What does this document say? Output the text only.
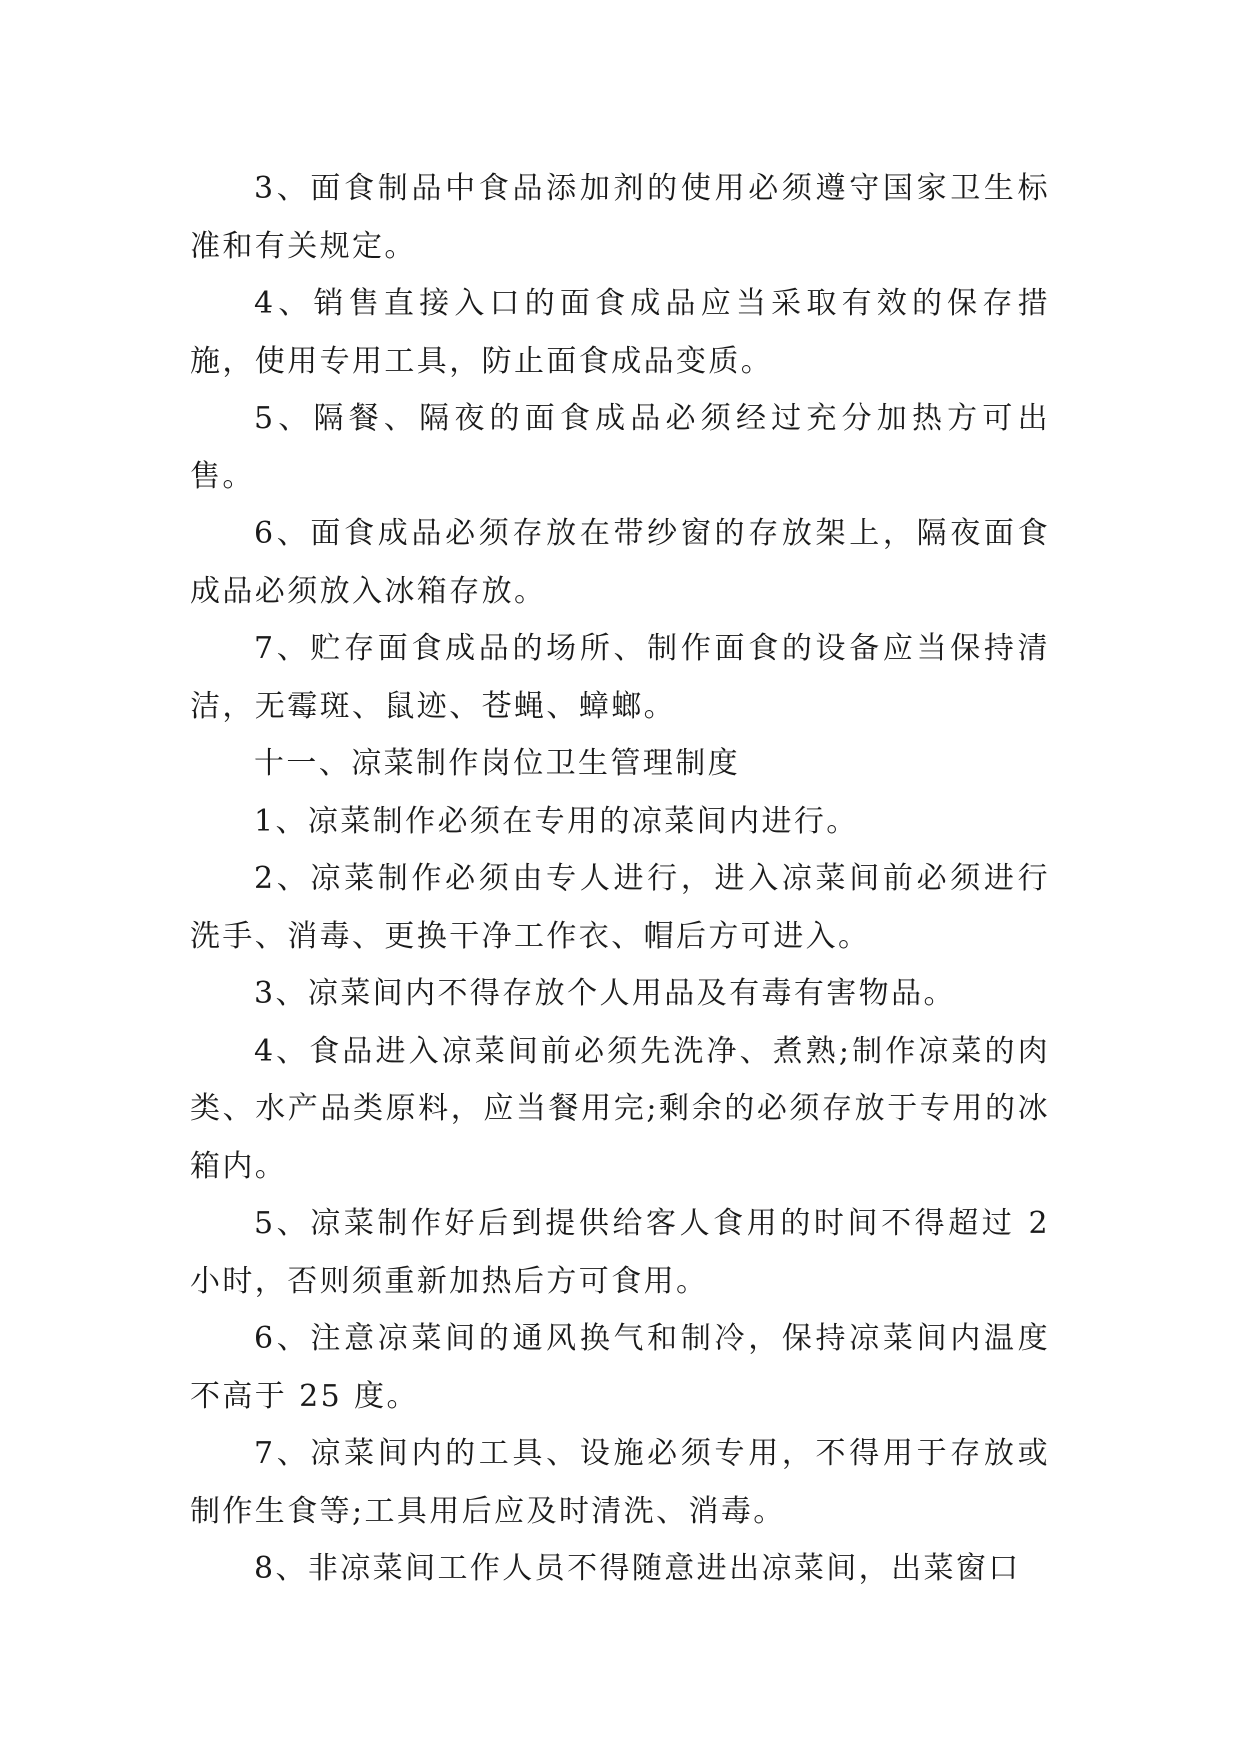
3、面食制品中食品添加剂的使用必须遵守国家卫生标准和有关规定。

4、销售直接入口的面食成品应当采取有效的保存措施，使用专用工具，防止面食成品变质。

5、隔餐、隔夜的面食成品必须经过充分加热方可出售。

6、面食成品必须存放在带纱窗的存放架上，隔夜面食成品必须放入冰箱存放。

7、贮存面食成品的场所、制作面食的设备应当保持清洁，无霉斑、鼠迹、苍蝇、蟑螂。

十一、凉菜制作岗位卫生管理制度

1、凉菜制作必须在专用的凉菜间内进行。

2、凉菜制作必须由专人进行，进入凉菜间前必须进行洗手、消毒、更换干净工作衣、帽后方可进入。

3、凉菜间内不得存放个人用品及有毒有害物品。

4、食品进入凉菜间前必须先洗净、煮熟;制作凉菜的肉类、水产品类原料，应当餐用完;剩余的必须存放于专用的冰箱内。

5、凉菜制作好后到提供给客人食用的时间不得超过 2 小时，否则须重新加热后方可食用。

6、注意凉菜间的通风换气和制冷，保持凉菜间内温度不高于 25 度。

7、凉菜间内的工具、设施必须专用，不得用于存放或制作生食等;工具用后应及时清洗、消毒。

8、非凉菜间工作人员不得随意进出凉菜间，出菜窗口
